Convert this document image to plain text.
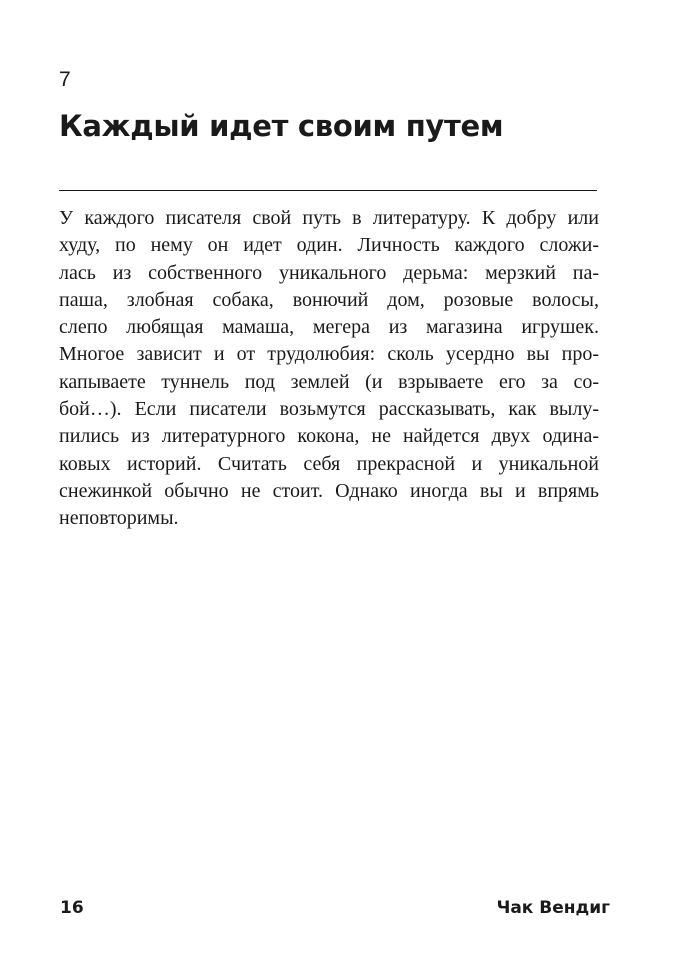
7
Каждый идет своим путем
У каждого писателя свой путь в литературу. К добру или
худу, по нему он идет один. Личность каждого сложи-
лась из собственного уникального дерьма: мерзкий па-
паша, злобная собака, вонючий дом, розовые волосы,
слепо любящая мамаша, мегера из магазина игрушек.
Многое зависит и от трудолюбия: сколь усердно вы про-
капываете туннель под землей (и взрываете его за со-
бой…). Если писатели возьмутся рассказывать, как вылу-
пились из литературного кокона, не найдется двух одина-
ковых историй. Считать себя прекрасной и уникальной
снежинкой обычно не стоит. Однако иногда вы и впрямь
неповторимы.
16	Чак Вендиг
